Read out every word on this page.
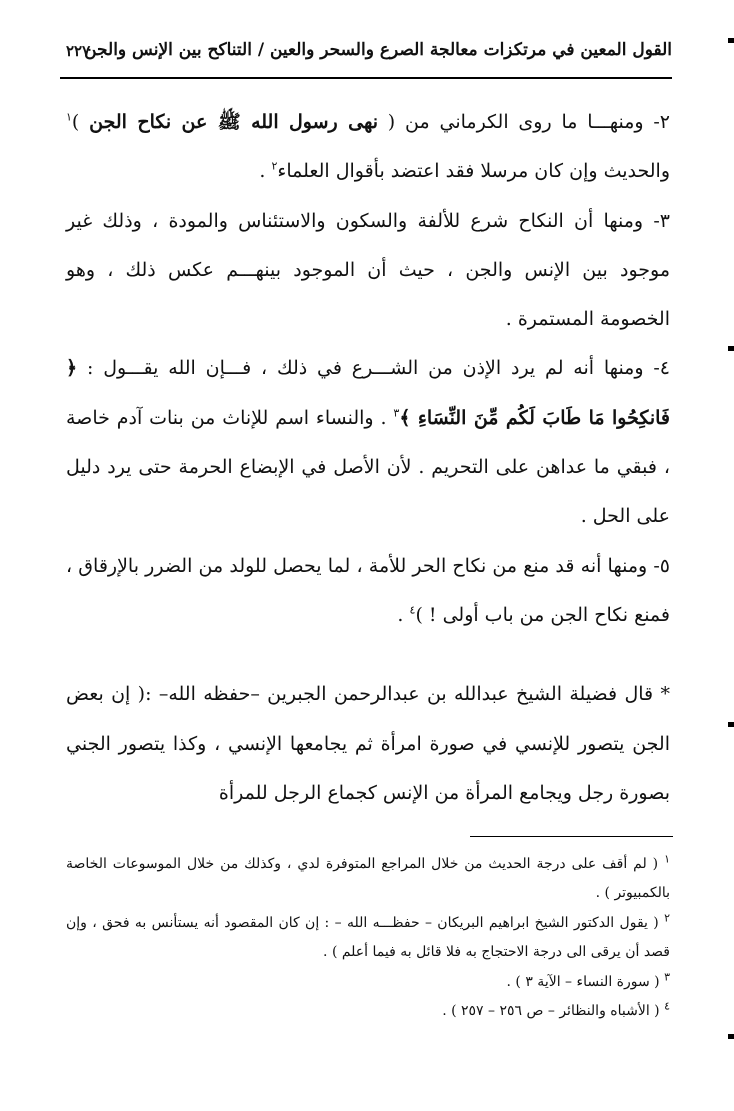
القول المعين في مرتكزات معالجة الصرع والسحر والعين / التناكح بين الإنس والجن
٢٢٧

٢- ومنهـــا ما روى الكرماني من ( نهى رسول الله ﷺ عن نكاح الجن )$^١$ والحديث وإن كان مرسلا فقد اعتضد بأقوال العلماء$^٢$ .

٣- ومنها أن النكاح شرع للألفة والسكون والاستئناس والمودة ، وذلك غير موجود بين الإنس والجن ، حيث أن الموجود بينهـــم عكس ذلك ، وهو الخصومة المستمرة .

٤- ومنها أنه لم يرد الإذن من الشـــرع في ذلك ، فـــإن الله يقـــول : ﴿ فَانكِحُوا مَا طَابَ لَكُم مِّنَ النِّسَاءِ ﴾$^٣$ . والنساء اسم للإناث من بنات آدم خاصة ، فبقي ما عداهن على التحريم . لأن الأصل في الإبضاع الحرمة حتى يرد دليل على الحل .

٥- ومنها أنه قد منع من نكاح الحر للأمة ، لما يحصل للولد من الضرر بالإرقاق ، فمنع نكاح الجن من باب أولى ! )$^٤$ .

* قال فضيلة الشيخ عبدالله بن عبدالرحمن الجبرين –حفظه الله– :( إن بعض الجن يتصور للإنسي في صورة امرأة ثم يجامعها الإنسي ، وكذا يتصور الجني بصورة رجل ويجامع المرأة من الإنس كجماع الرجل للمرأة

$^١$ ( لم أقف على درجة الحديث من خلال المراجع المتوفرة لدي ، وكذلك من خلال الموسوعات الخاصة بالكمبيوتر ) .

$^٢$ ( يقول الدكتور الشيخ ابراهيم البريكان – حفظـــه الله – : إن كان المقصود أنه يستأنس به فحق ، وإن قصد أن يرقى الى درجة الاحتجاج به فلا قائل به فيما أعلم ) .

$^٣$ ( سورة النساء – الآية ٣ ) .

$^٤$ ( الأشباه والنظائر – ص ٢٥٦ – ٢٥٧ ) .
